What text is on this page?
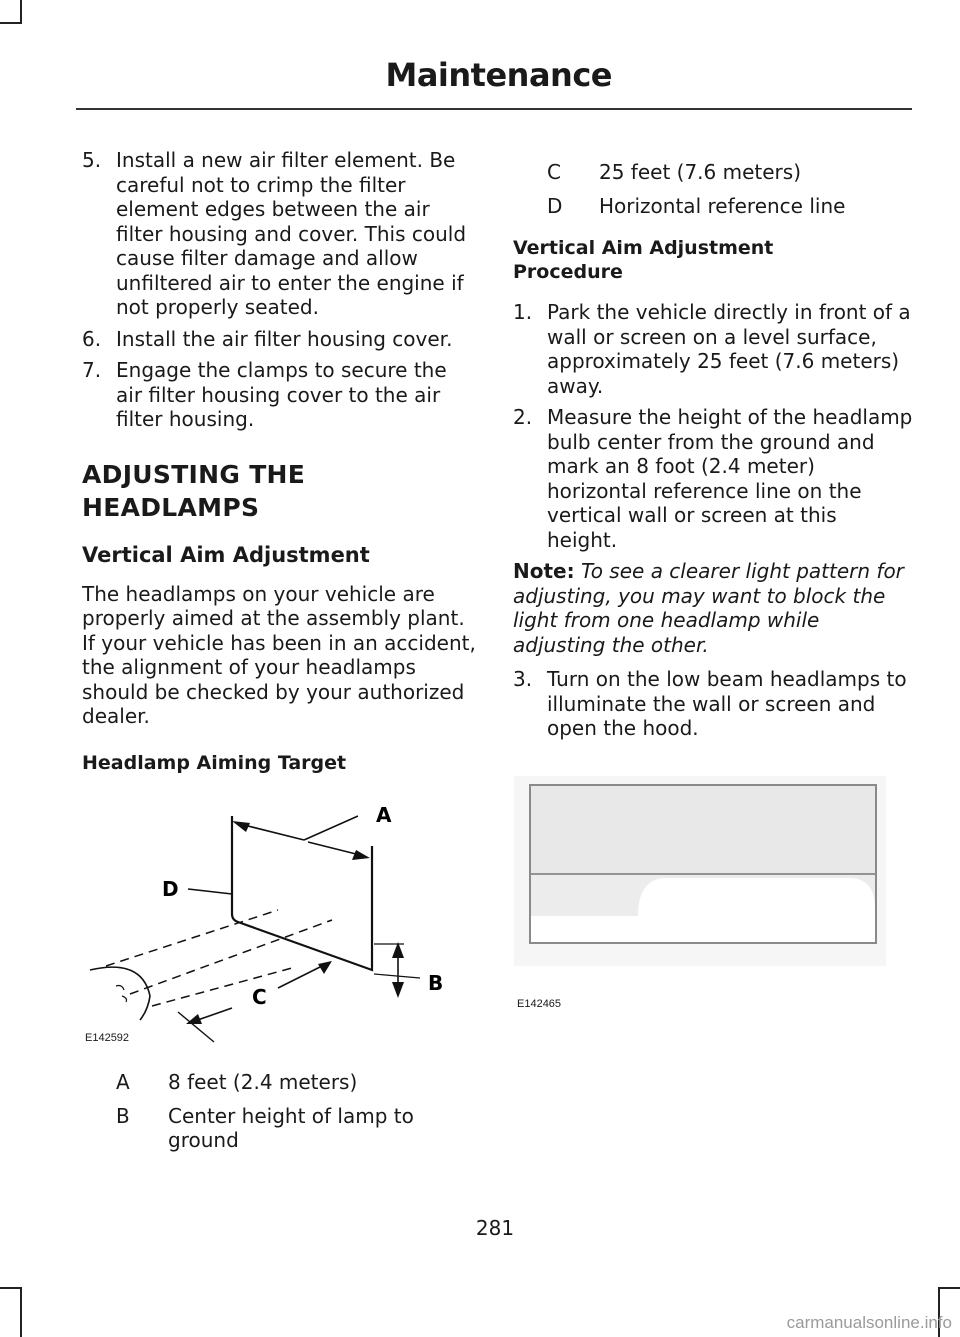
Maintenance
5. Install a new air filter element. Be careful not to crimp the filter element edges between the air filter housing and cover. This could cause filter damage and allow unfiltered air to enter the engine if not properly seated.
6. Install the air filter housing cover.
7. Engage the clamps to secure the air filter housing cover to the air filter housing.
ADJUSTING THE
HEADLAMPS
Vertical Aim Adjustment
The headlamps on your vehicle are properly aimed at the assembly plant. If your vehicle has been in an accident, the alignment of your headlamps should be checked by your authorized dealer.
Headlamp Aiming Target
A
B
C
D
E142592
A	8 feet (2.4 meters)
B	Center height of lamp to ground
C	25 feet (7.6 meters)
D	Horizontal reference line
Vertical Aim Adjustment Procedure
1. Park the vehicle directly in front of a wall or screen on a level surface, approximately 25 feet (7.6 meters) away.
2. Measure the height of the headlamp bulb center from the ground and mark an 8 foot (2.4 meter) horizontal reference line on the vertical wall or screen at this height.
Note: To see a clearer light pattern for adjusting, you may want to block the light from one headlamp while adjusting the other.
3. Turn on the low beam headlamps to illuminate the wall or screen and open the hood.
E142465
281
carmanualsonline.info
